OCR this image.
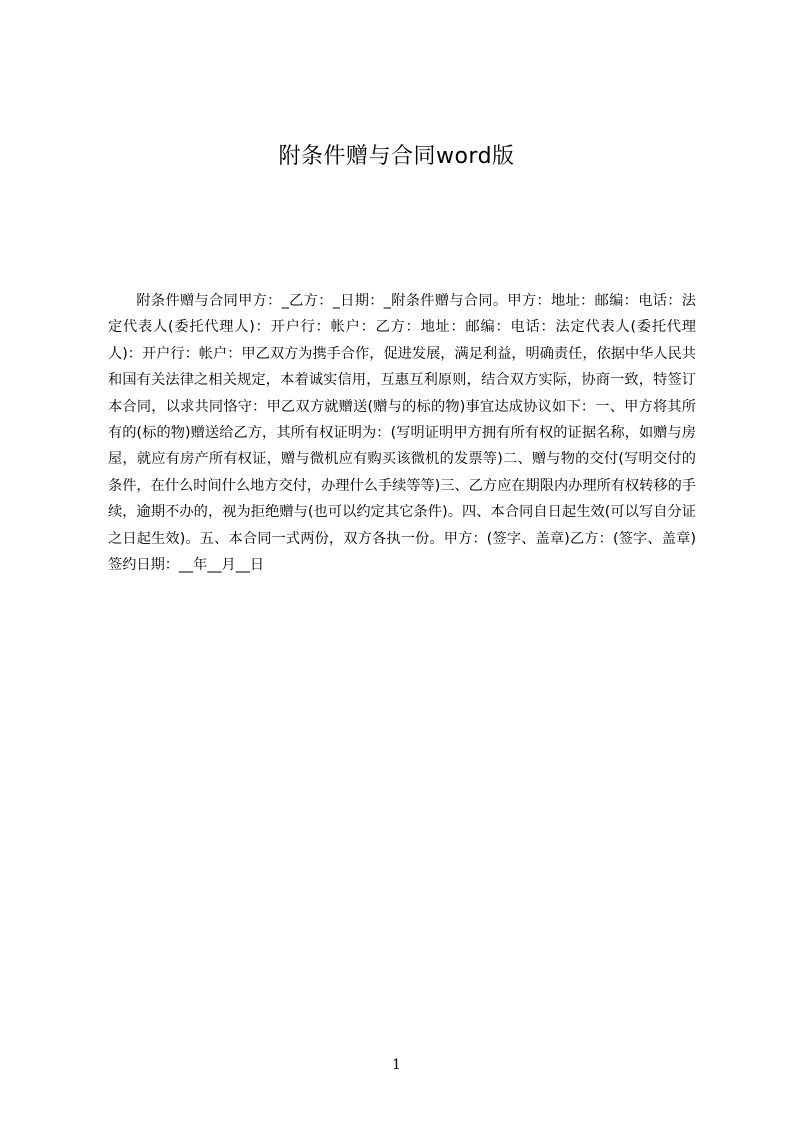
附条件赠与合同word版
附条件赠与合同甲方：_乙方：_日期：_附条件赠与合同。甲方：地址：邮编：电话：法定代表人(委托代理人)：开户行：帐户：乙方：地址：邮编：电话：法定代表人(委托代理人)：开户行：帐户：甲乙双方为携手合作，促进发展，满足利益，明确责任，依据中华人民共和国有关法律之相关规定，本着诚实信用，互惠互利原则，结合双方实际，协商一致，特签订本合同，以求共同恪守：甲乙双方就赠送(赠与的标的物)事宜达成协议如下：一、甲方将其所有的(标的物)赠送给乙方，其所有权证明为：(写明证明甲方拥有所有权的证据名称，如赠与房屋，就应有房产所有权证，赠与微机应有购买该微机的发票等)二、赠与物的交付(写明交付的条件，在什么时间什么地方交付，办理什么手续等等)三、乙方应在期限内办理所有权转移的手续，逾期不办的，视为拒绝赠与(也可以约定其它条件)。四、本合同自日起生效(可以写自分证之日起生效)。五、本合同一式两份，双方各执一份。甲方：(签字、盖章)乙方：(签字、盖章)签约日期：__年__月__日
1
